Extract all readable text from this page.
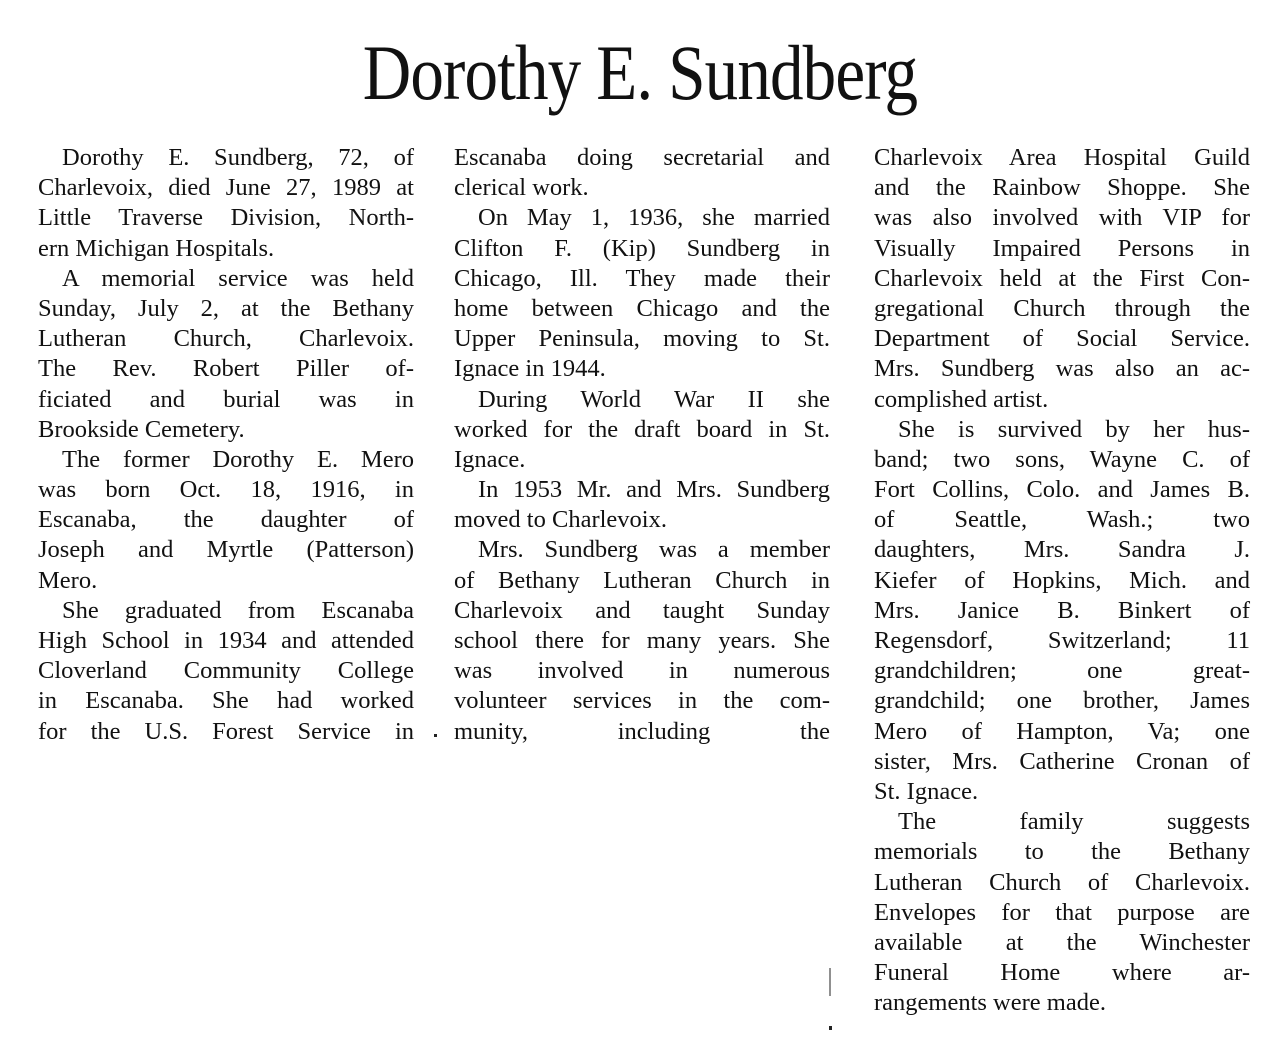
Dorothy E. Sundberg
Dorothy E. Sundberg, 72, of
Charlevoix, died June 27, 1989 at
Little Traverse Division, North-
ern Michigan Hospitals.
A memorial service was held
Sunday, July 2, at the Bethany
Lutheran Church, Charlevoix.
The Rev. Robert Piller of-
ficiated and burial was in
Brookside Cemetery.
The former Dorothy E. Mero
was born Oct. 18, 1916, in
Escanaba, the daughter of
Joseph and Myrtle (Patterson)
Mero.
She graduated from Escanaba
High School in 1934 and attended
Cloverland Community College
in Escanaba. She had worked
for the U.S. Forest Service in
Escanaba doing secretarial and
clerical work.
On May 1, 1936, she married
Clifton F. (Kip) Sundberg in
Chicago, Ill. They made their
home between Chicago and the
Upper Peninsula, moving to St.
Ignace in 1944.
During World War II she
worked for the draft board in St.
Ignace.
In 1953 Mr. and Mrs. Sundberg
moved to Charlevoix.
Mrs. Sundberg was a member
of Bethany Lutheran Church in
Charlevoix and taught Sunday
school there for many years. She
was involved in numerous
volunteer services in the com-
munity, including the
Charlevoix Area Hospital Guild
and the Rainbow Shoppe. She
was also involved with VIP for
Visually Impaired Persons in
Charlevoix held at the First Con-
gregational Church through the
Department of Social Service.
Mrs. Sundberg was also an ac-
complished artist.
She is survived by her hus-
band; two sons, Wayne C. of
Fort Collins, Colo. and James B.
of Seattle, Wash.; two
daughters, Mrs. Sandra J.
Kiefer of Hopkins, Mich. and
Mrs. Janice B. Binkert of
Regensdorf, Switzerland; 11
grandchildren; one great-
grandchild; one brother, James
Mero of Hampton, Va; one
sister, Mrs. Catherine Cronan of
St. Ignace.
The family suggests
memorials to the Bethany
Lutheran Church of Charlevoix.
Envelopes for that purpose are
available at the Winchester
Funeral Home where ar-
rangements were made.
